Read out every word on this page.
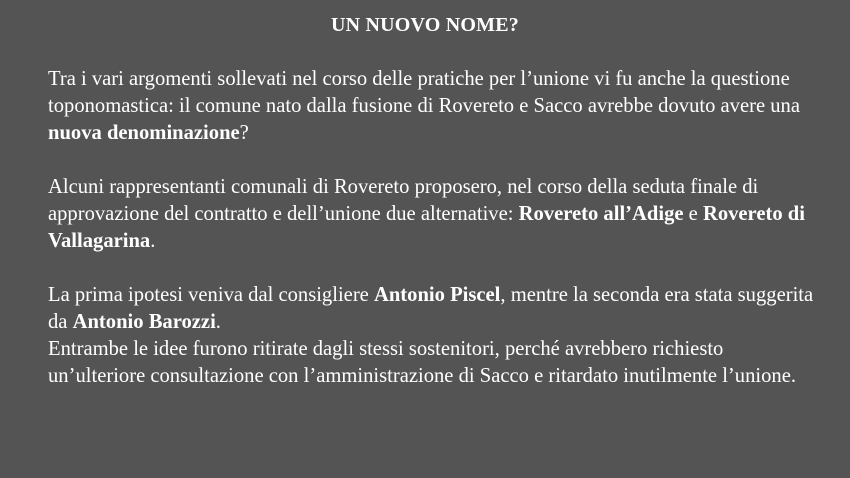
UN NUOVO NOME?

Tra i vari argomenti sollevati nel corso delle pratiche per l’unione vi fu anche la questione toponomastica: il comune nato dalla fusione di Rovereto e Sacco avrebbe dovuto avere una nuova denominazione?

Alcuni rappresentanti comunali di Rovereto proposero, nel corso della seduta finale di approvazione del contratto e dell’unione due alternative: Rovereto all’Adige e Rovereto di Vallagarina.

La prima ipotesi veniva dal consigliere Antonio Piscel, mentre la seconda era stata suggerita da Antonio Barozzi.

Entrambe le idee furono ritirate dagli stessi sostenitori, perché avrebbero richiesto un’ulteriore consultazione con l’amministrazione di Sacco e ritardato inutilmente l’unione.
